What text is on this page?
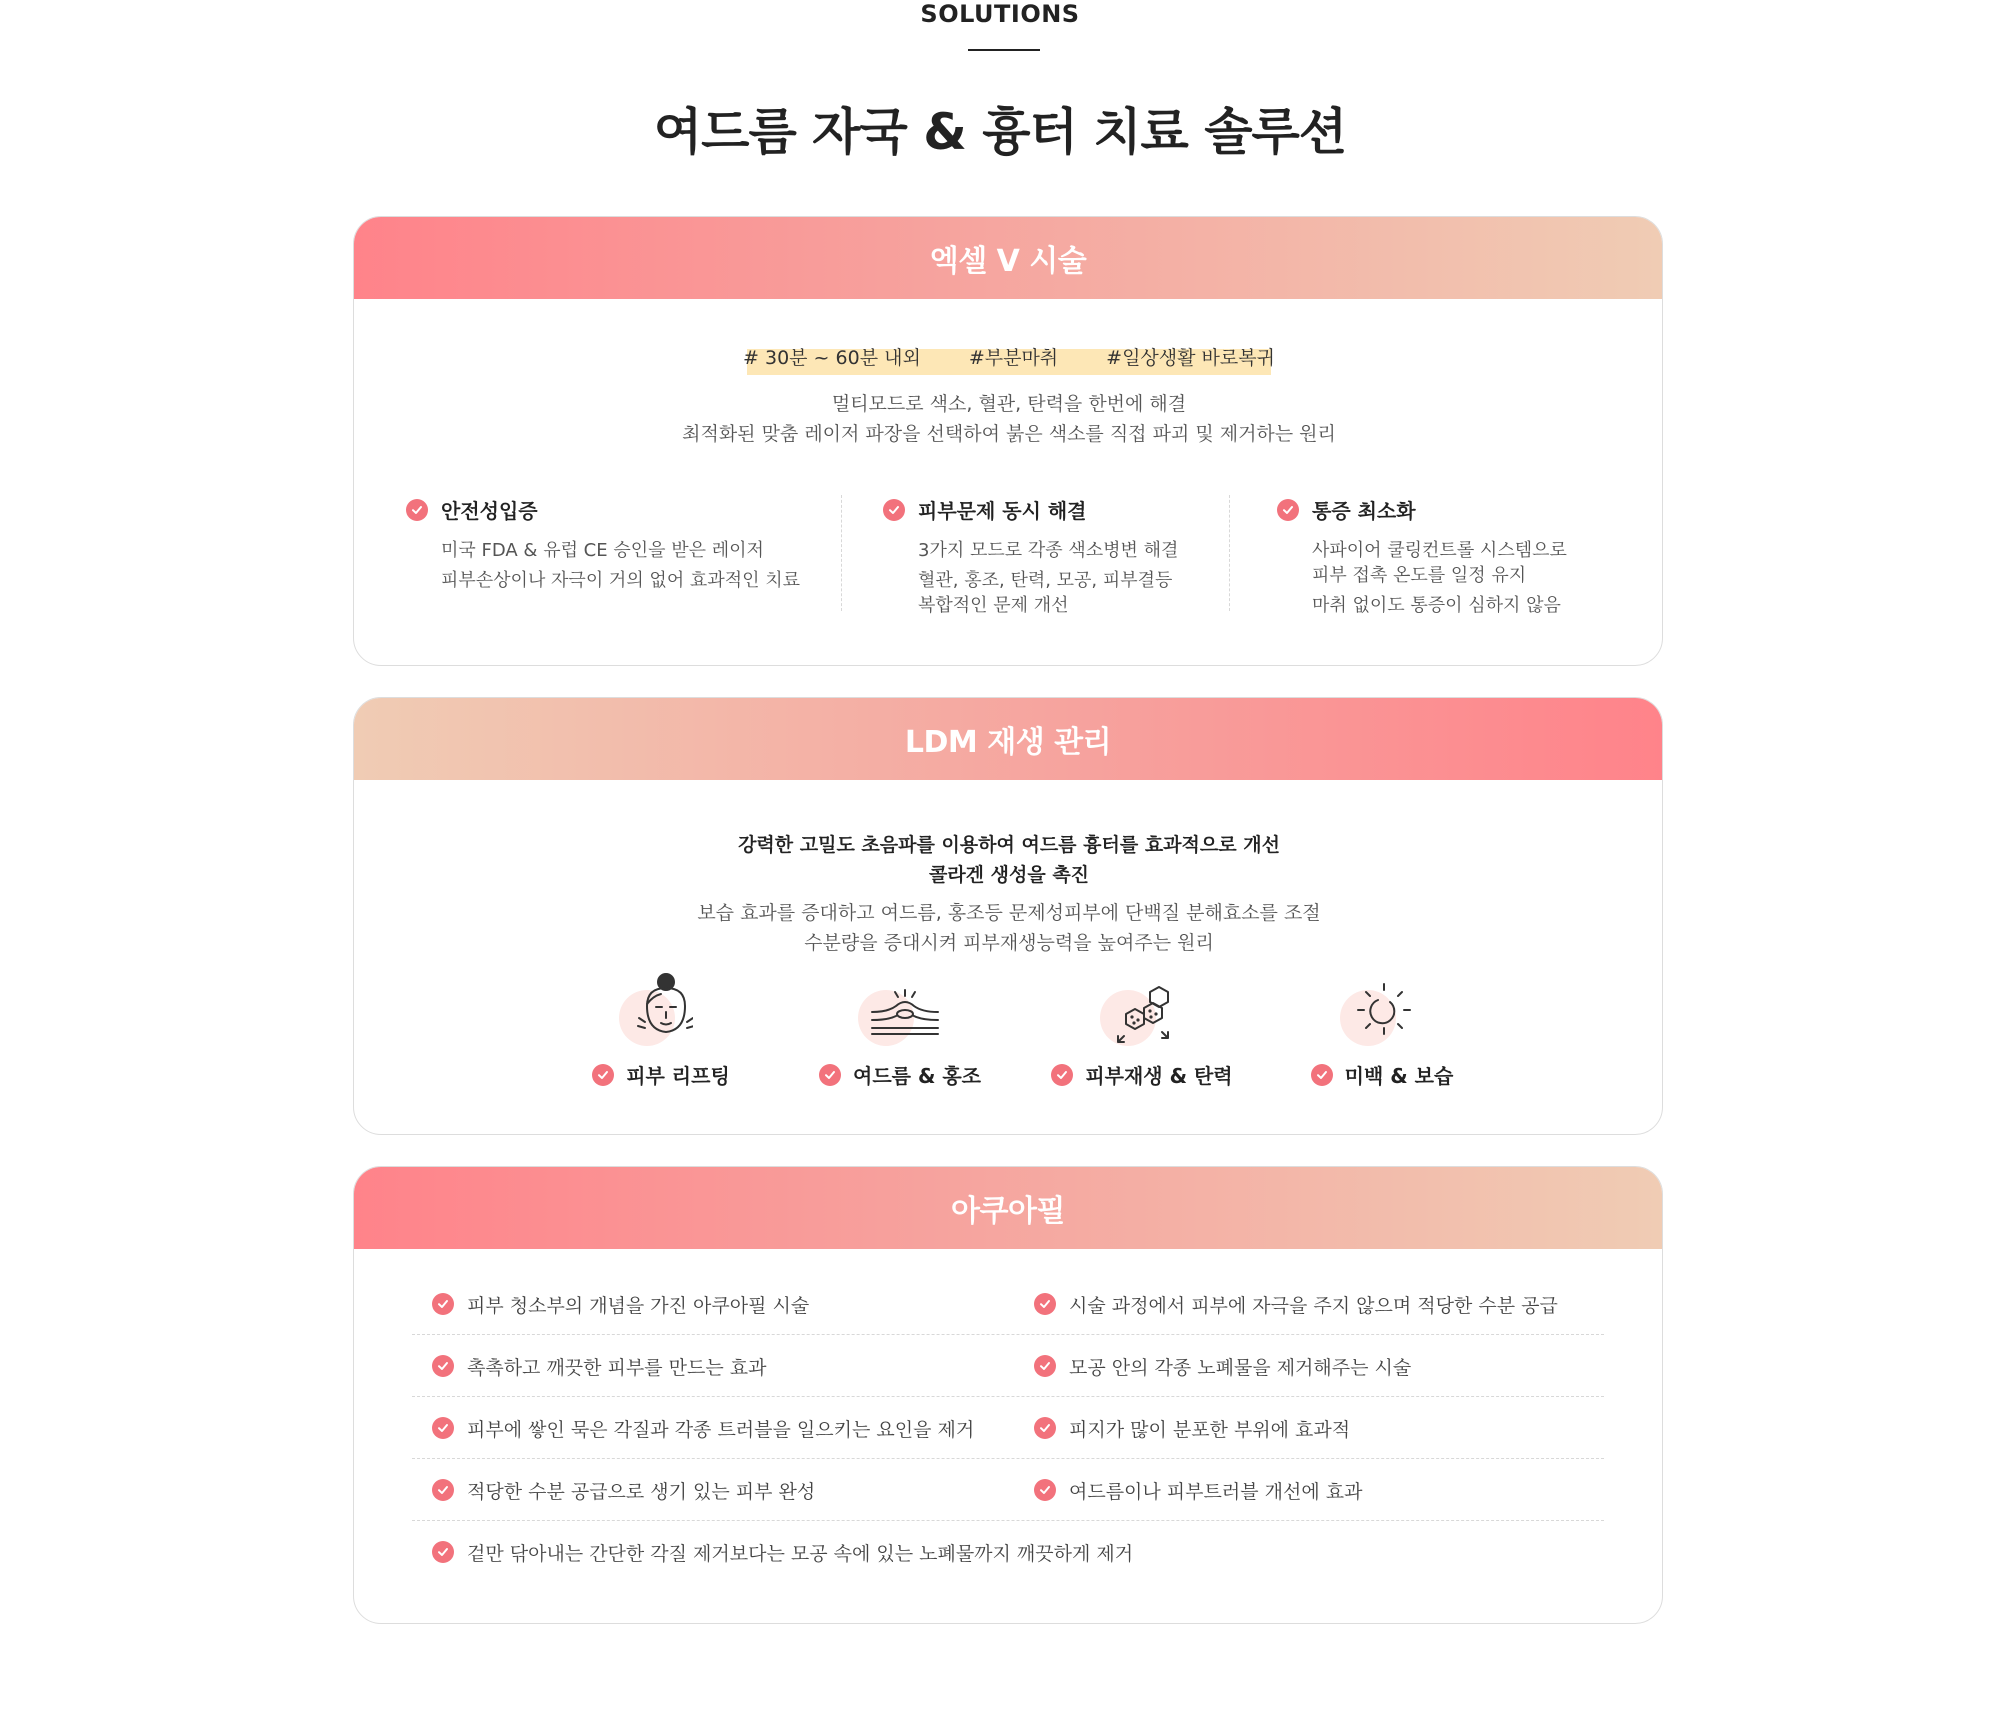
SOLUTIONS
여드름 자국 & 흉터 치료 솔루션
엑셀 V 시술
# 30분 ~ 60분 내외	#부분마취	#일상생활 바로복귀
멀티모드로 색소, 혈관, 탄력을 한번에 해결
최적화된 맞춤 레이저 파장을 선택하여 붉은 색소를 직접 파괴 및 제거하는 원리
안전성입증
미국 FDA & 유럽 CE 승인을 받은 레이저
피부손상이나 자극이 거의 없어 효과적인 치료
피부문제 동시 해결
3가지 모드로 각종 색소병변 해결
혈관, 홍조, 탄력, 모공, 피부결등
복합적인 문제 개선
통증 최소화
사파이어 쿨링컨트롤 시스템으로
피부 접촉 온도를 일정 유지
마취 없이도 통증이 심하지 않음
LDM 재생 관리
강력한 고밀도 초음파를 이용하여 여드름 흉터를 효과적으로 개선
콜라겐 생성을 촉진
보습 효과를 증대하고 여드름, 홍조등 문제성피부에 단백질 분해효소를 조절
수분량을 증대시켜 피부재생능력을 높여주는 원리
피부 리프팅	여드름 & 홍조	피부재생 & 탄력	미백 & 보습
아쿠아필
피부 청소부의 개념을 가진 아쿠아필 시술	시술 과정에서 피부에 자극을 주지 않으며 적당한 수분 공급
촉촉하고 깨끗한 피부를 만드는 효과	모공 안의 각종 노폐물을 제거해주는 시술
피부에 쌓인 묵은 각질과 각종 트러블을 일으키는 요인을 제거	피지가 많이 분포한 부위에 효과적
적당한 수분 공급으로 생기 있는 피부 완성	여드름이나 피부트러블 개선에 효과
겉만 닦아내는 간단한 각질 제거보다는 모공 속에 있는 노폐물까지 깨끗하게 제거
